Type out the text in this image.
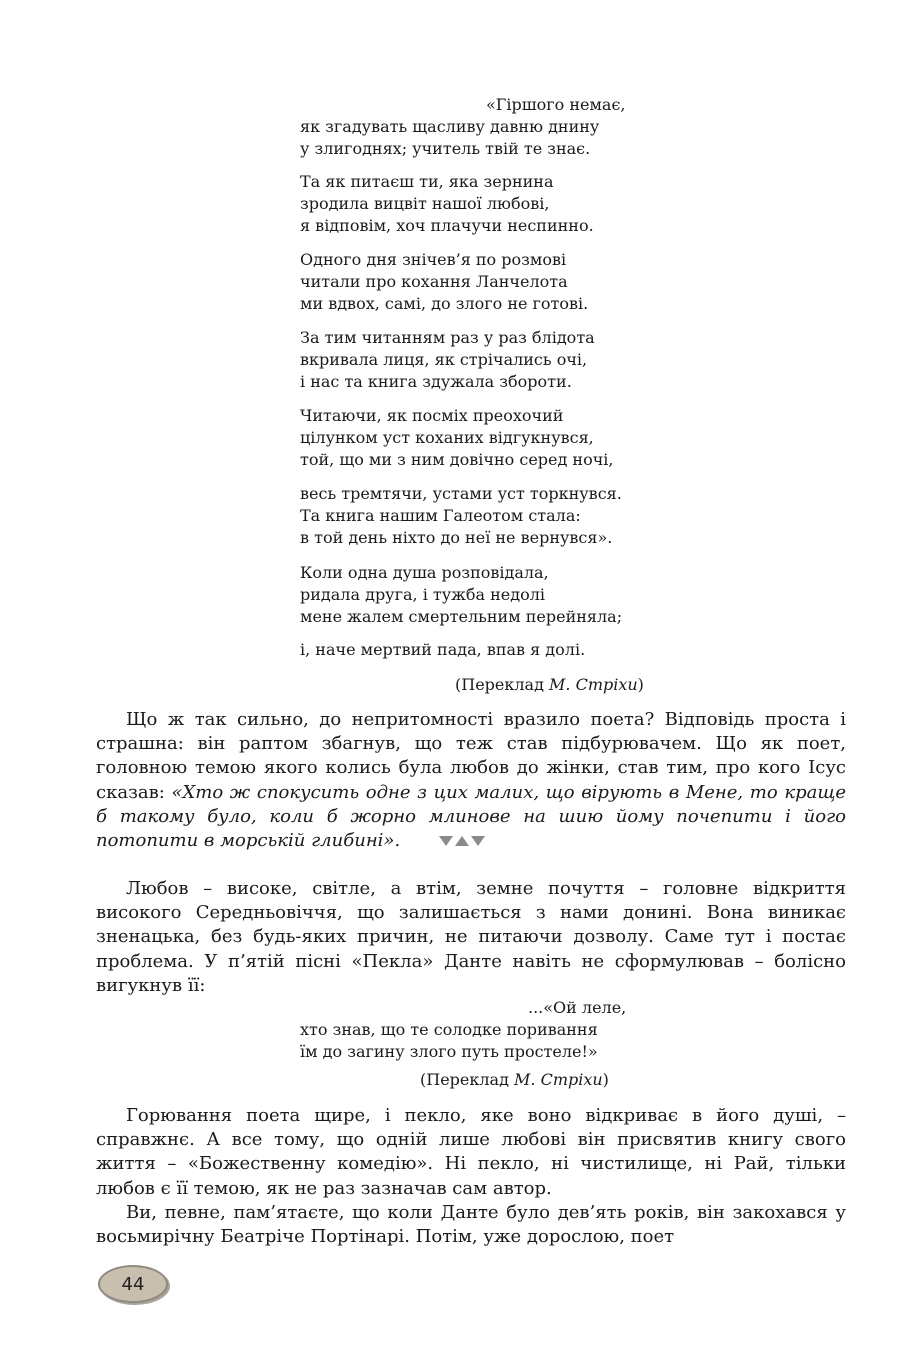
«Гіршого немає,
як згадувать щасливу давню днину
у злигоднях; учитель твій те знає.
Та як питаєш ти, яка зернина
зродила вицвіт нашої любові,
я відповім, хоч плачучи неспинно.
Одного дня знічев’я по розмові
читали про кохання Ланчелота
ми вдвох, самі, до злого не готові.
За тим читанням раз у раз блідота
вкривала лиця, як стрічались очі,
і нас та книга здужала збороти.
Читаючи, як посміх преохочий
цілунком уст коханих відгукнувся,
той, що ми з ним довічно серед ночі,
весь тремтячи, устами уст торкнувся.
Та книга нашим Галеотом стала:
в той день ніхто до неї не вернувся».
Коли одна душа розповідала,
ридала друга, і тужба недолі
мене жалем смертельним перейняла;
і, наче мертвий пада, впав я долі.
(Переклад М. Стріхи)

Що ж так сильно, до непритомності вразило поета? Відповідь проста і страшна: він раптом збагнув, що теж став підбурювачем. Що як поет, головною темою якого колись була любов до жінки, став тим, про кого Ісус сказав: «Хто ж спокусить одне з цих малих, що вірують в Мене, то краще б такому було, коли б жорно млинове на шию йому почепити і його потопити в морській глибині».

Любов – високе, світле, а втім, земне почуття – головне відкриття високого Середньовіччя, що залишається з нами донині. Вона виникає зненацька, без будь-яких причин, не питаючи дозволу. Саме тут і постає проблема. У п’ятій пісні «Пекла» Данте навіть не сформулював – болісно вигукнув її:

...«Ой леле,
хто знав, що те солодке поривання
їм до загину злого путь простеле!»
(Переклад М. Стріхи)

Горювання поета щире, і пекло, яке воно відкриває в його душі, – справжнє. А все тому, що одній лише любові він присвятив книгу свого життя – «Божественну комедію». Ні пекло, ні чистилище, ні Рай, тільки любов є її темою, як не раз зазначав сам автор.

Ви, певне, пам’ятаєте, що коли Данте було дев’ять років, він закохався у восьмирічну Беатріче Портінарі. Потім, уже дорослою, поет

44
